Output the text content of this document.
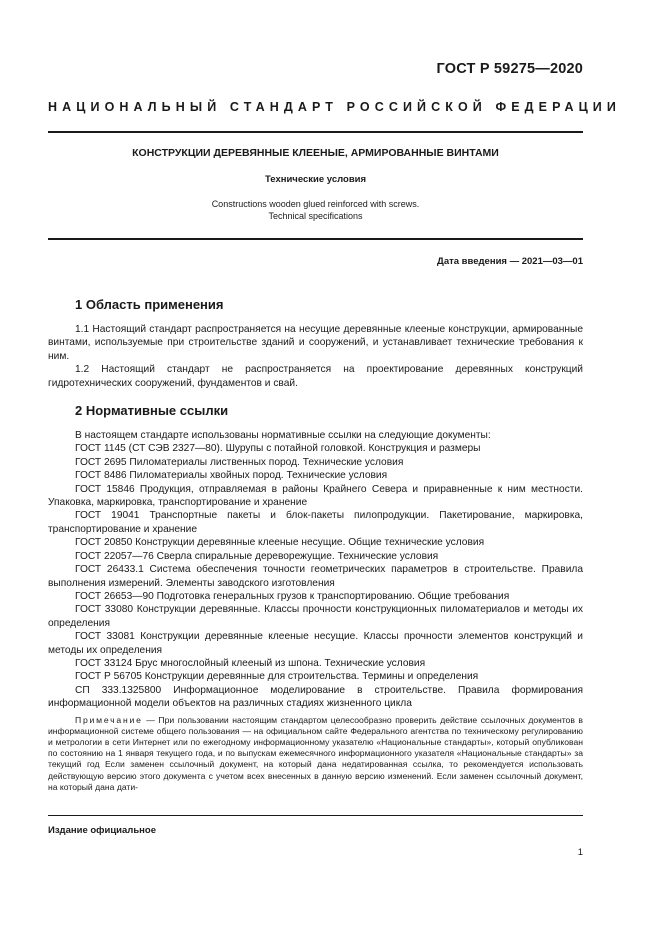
ГОСТ Р 59275—2020
НАЦИОНАЛЬНЫЙ СТАНДАРТ РОССИЙСКОЙ ФЕДЕРАЦИИ
КОНСТРУКЦИИ ДЕРЕВЯННЫЕ КЛЕЕНЫЕ, АРМИРОВАННЫЕ ВИНТАМИ
Технические условия
Constructions wooden glued reinforced with screws.
Technical specifications
Дата введения — 2021—03—01
1 Область применения

1.1 Настоящий стандарт распространяется на несущие деревянные клееные конструкции, армированные винтами, используемые при строительстве зданий и сооружений, и устанавливает технические требования к ним.

1.2 Настоящий стандарт не распространяется на проектирование деревянных конструкций гидротехнических сооружений, фундаментов и свай.

2 Нормативные ссылки

В настоящем стандарте использованы нормативные ссылки на следующие документы:

ГОСТ 1145 (СТ СЭВ 2327—80). Шурупы с потайной головкой. Конструкция и размеры
ГОСТ 2695 Пиломатериалы лиственных пород. Технические условия
ГОСТ 8486 Пиломатериалы хвойных пород. Технические условия
ГОСТ 15846 Продукция, отправляемая в районы Крайнего Севера и приравненные к ним местности. Упаковка, маркировка, транспортирование и хранение
ГОСТ 19041 Транспортные пакеты и блок-пакеты пилопродукции. Пакетирование, маркировка, транспортирование и хранение
ГОСТ 20850 Конструкции деревянные клееные несущие. Общие технические условия
ГОСТ 22057—76 Сверла спиральные дереворежущие. Технические условия
ГОСТ 26433.1 Система обеспечения точности геометрических параметров в строительстве. Правила выполнения измерений. Элементы заводского изготовления
ГОСТ 26653—90 Подготовка генеральных грузов к транспортированию. Общие требования
ГОСТ 33080 Конструкции деревянные. Классы прочности конструкционных пиломатериалов и методы их определения
ГОСТ 33081 Конструкции деревянные клееные несущие. Классы прочности элементов конструкций и методы их определения
ГОСТ 33124 Брус многослойный клееный из шпона. Технические условия
ГОСТ Р 56705 Конструкции деревянные для строительства. Термины и определения
СП 333.1325800 Информационное моделирование в строительстве. Правила формирования информационной модели объектов на различных стадиях жизненного цикла
Примечание — При пользовании настоящим стандартом целесообразно проверить действие ссылочных документов в информационной системе общего пользования — на официальном сайте Федерального агентства по техническому регулированию и метрологии в сети Интернет или по ежегодному информационному указателю «Национальные стандарты», который опубликован по состоянию на 1 января текущего года, и по выпускам ежемесячного информационного указателя «Национальные стандарты» за текущий год Если заменен ссылочный документ, на который дана недатированная ссылка, то рекомендуется использовать действующую версию этого документа с учетом всех внесенных в данную версию изменений. Если заменен ссылочный документ, на который дана дати-
Издание официальное
1
